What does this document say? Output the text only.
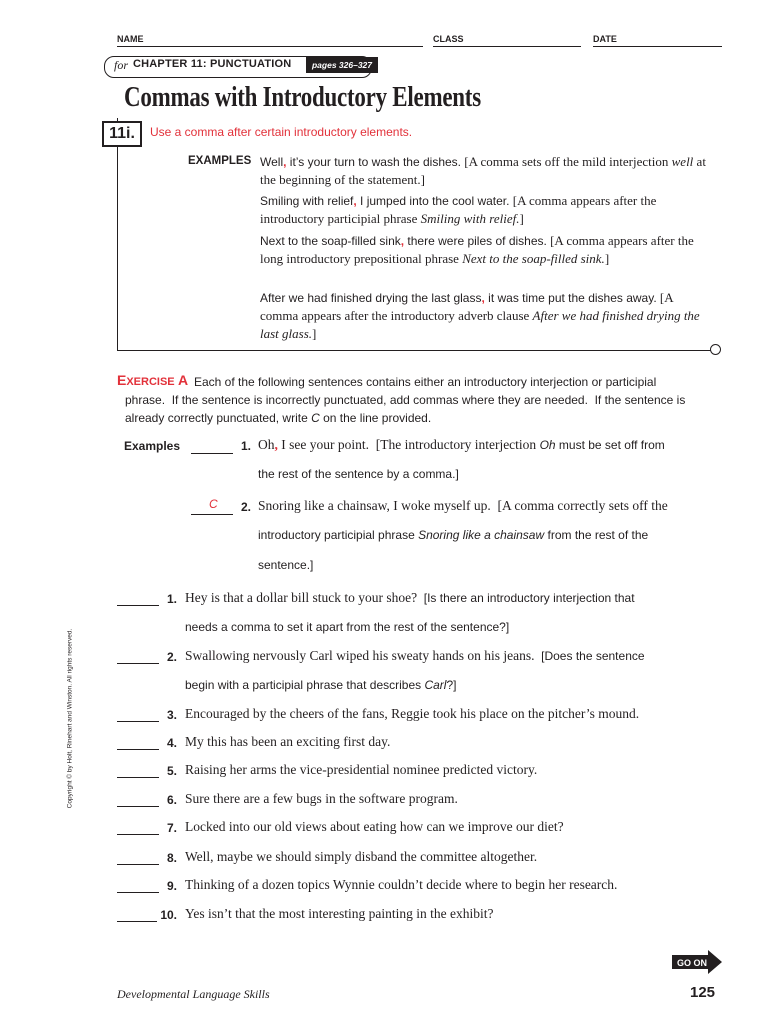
NAME	CLASS	DATE
for CHAPTER 11: PUNCTUATION	pages 326–327
Commas with Introductory Elements
11i.	Use a comma after certain introductory elements.
EXAMPLES Well, it’s your turn to wash the dishes. [A comma sets off the mild interjection well at the beginning of the statement.]
Smiling with relief, I jumped into the cool water. [A comma appears after the introductory participial phrase Smiling with relief.]
Next to the soap-filled sink, there were piles of dishes. [A comma appears after the long introductory prepositional phrase Next to the soap-filled sink.]
After we had finished drying the last glass, it was time put the dishes away. [A comma appears after the introductory adverb clause After we had finished drying the last glass.]
EXERCISE A Each of the following sentences contains either an introductory interjection or participial
phrase.  If the sentence is incorrectly punctuated, add commas where they are needed.  If the sentence is
already correctly punctuated, write C on the line provided.
Examples	1. Oh, I see your point.  [The introductory interjection Oh must be set off from
the rest of the sentence by a comma.]
C	2. Snoring like a chainsaw, I woke myself up.  [A comma correctly sets off the
introductory participial phrase Snoring like a chainsaw from the rest of the
sentence.]
1. Hey is that a dollar bill stuck to your shoe?  [Is there an introductory interjection that
needs a comma to set it apart from the rest of the sentence?]
2. Swallowing nervously Carl wiped his sweaty hands on his jeans.  [Does the sentence
begin with a participial phrase that describes Carl?]
3. Encouraged by the cheers of the fans, Reggie took his place on the pitcher’s mound.
4. My this has been an exciting first day.
5. Raising her arms the vice-presidential nominee predicted victory.
6. Sure there are a few bugs in the software program.
7. Locked into our old views about eating how can we improve our diet?
8. Well, maybe we should simply disband the committee altogether.
9. Thinking of a dozen topics Wynnie couldn’t decide where to begin her research.
10. Yes isn’t that the most interesting painting in the exhibit?
Copyright © by Holt, Rinehart and Winston. All rights reserved.
GO ON
Developmental Language Skills	125
